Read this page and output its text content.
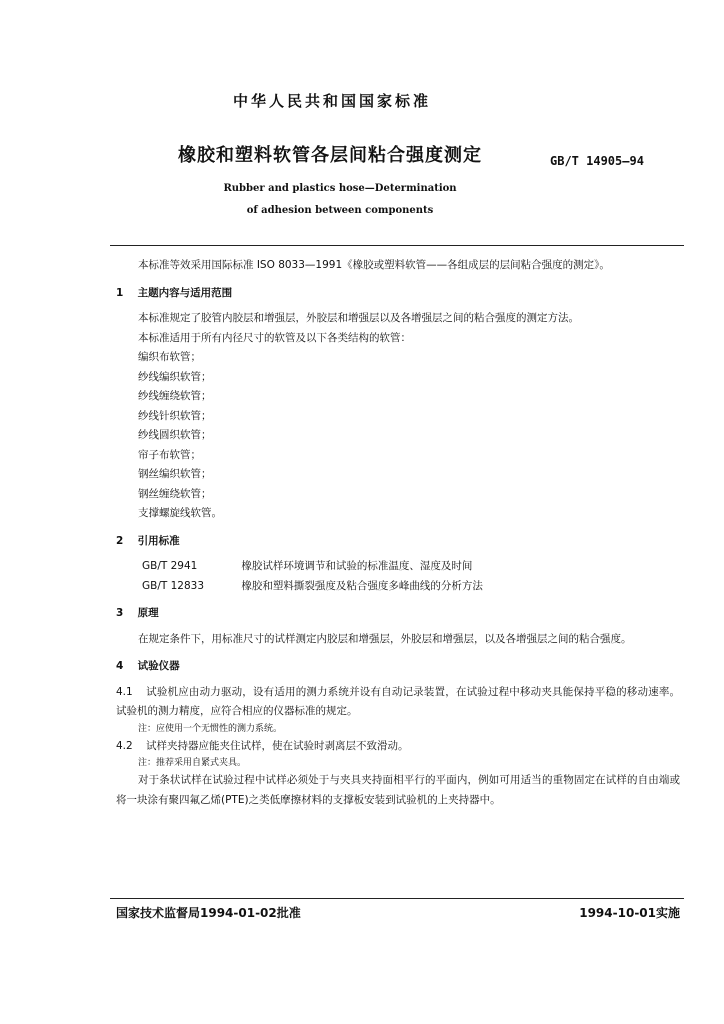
中华人民共和国国家标准
橡胶和塑料软管各层间粘合强度测定	GB/T 14905—94
Rubber and plastics hose—Determination
of adhesion between components

本标准等效采用国际标准 ISO 8033—1991《橡胶或塑料软管——各组成层的层间粘合强度的测定》。

1 主题内容与适用范围

本标准规定了胶管内胶层和增强层，外胶层和增强层以及各增强层之间的粘合强度的测定方法。

本标准适用于所有内径尺寸的软管及以下各类结构的软管：

编织布软管；
纱线编织软管；
纱线缠绕软管；
纱线针织软管；
纱线圆织软管；
帘子布软管；
钢丝编织软管；
钢丝缠绕软管；
支撑螺旋线软管。
2 引用标准
GB/T 2941	橡胶试样环境调节和试验的标准温度、湿度及时间
GB/T 12833	橡胶和塑料撕裂强度及粘合强度多峰曲线的分析方法
3 原理

在规定条件下，用标准尺寸的试样测定内胶层和增强层，外胶层和增强层，以及各增强层之间的粘合强度。

4 试验仪器

4.1 试验机应由动力驱动，设有适用的测力系统并设有自动记录装置，在试验过程中移动夹具能保持平稳的移动速率。试验机的测力精度，应符合相应的仪器标准的规定。

注：应使用一个无惯性的测力系统。

4.2 试样夹持器应能夹住试样，使在试验时剥离层不致滑动。

注：推荐采用自紧式夹具。

对于条状试样在试验过程中试样必须处于与夹具夹持面相平行的平面内，例如可用适当的重物固定在试样的自由端或将一块涂有聚四氟乙烯(PTE)之类低摩擦材料的支撑板安装到试验机的上夹持器中。

国家技术监督局1994-01-02批准	1994-10-01实施
